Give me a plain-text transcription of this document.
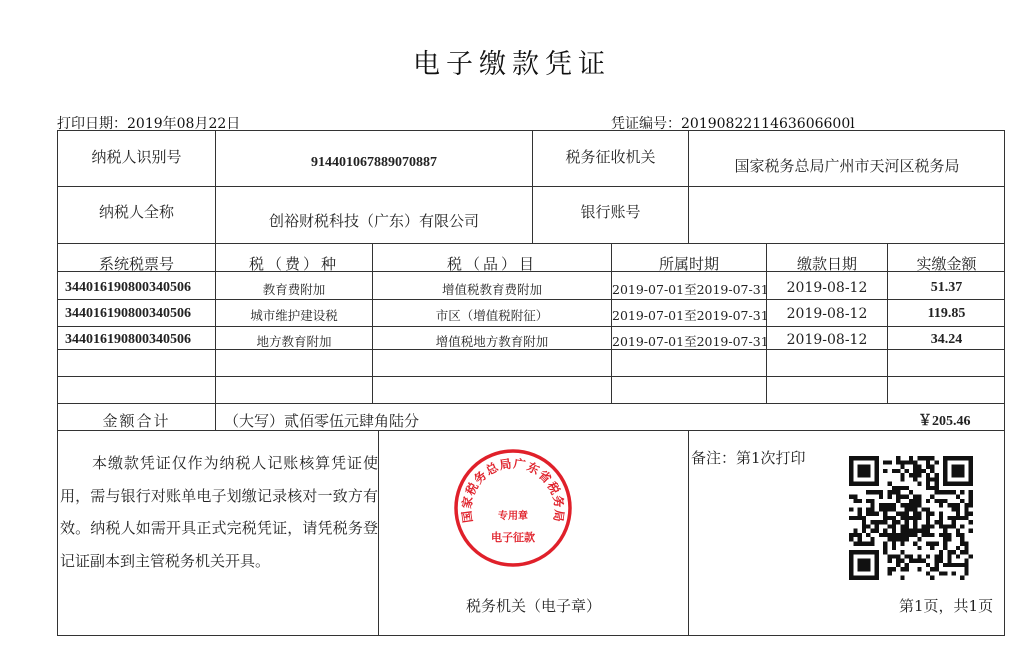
电子缴款凭证
打印日期：2019年08月22日	凭证编号：2019082211463606600l
纳税人识别号	914401067889070887	税务征收机关	国家税务总局广州市天河区税务局
纳税人全称	创裕财税科技（广东）有限公司	银行账号
系统税票号	税（费）种	税（品）目	所属时期	缴款日期	实缴金额
344016190800340506	教育费附加	增值税教育费附加	2019-07-01至2019-07-31	2019-08-12	51.37
344016190800340506	城市维护建设税	市区（增值税附征）	2019-07-01至2019-07-31	2019-08-12	119.85
344016190800340506	地方教育附加	增值税地方教育附加	2019-07-01至2019-07-31	2019-08-12	34.24
金额合计	（大写）贰佰零伍元肆角陆分	￥205.46
本缴款凭证仅作为纳税人记账核算凭证使用，需与银行对账单电子划缴记录核对一致方有效。纳税人如需开具正式完税凭证，请凭税务登记证副本到主管税务机关开具。
国家税务总局广东省税务局
专用章
电子征款
税务机关（电子章）
备注：第1次打印
第1页，共1页
